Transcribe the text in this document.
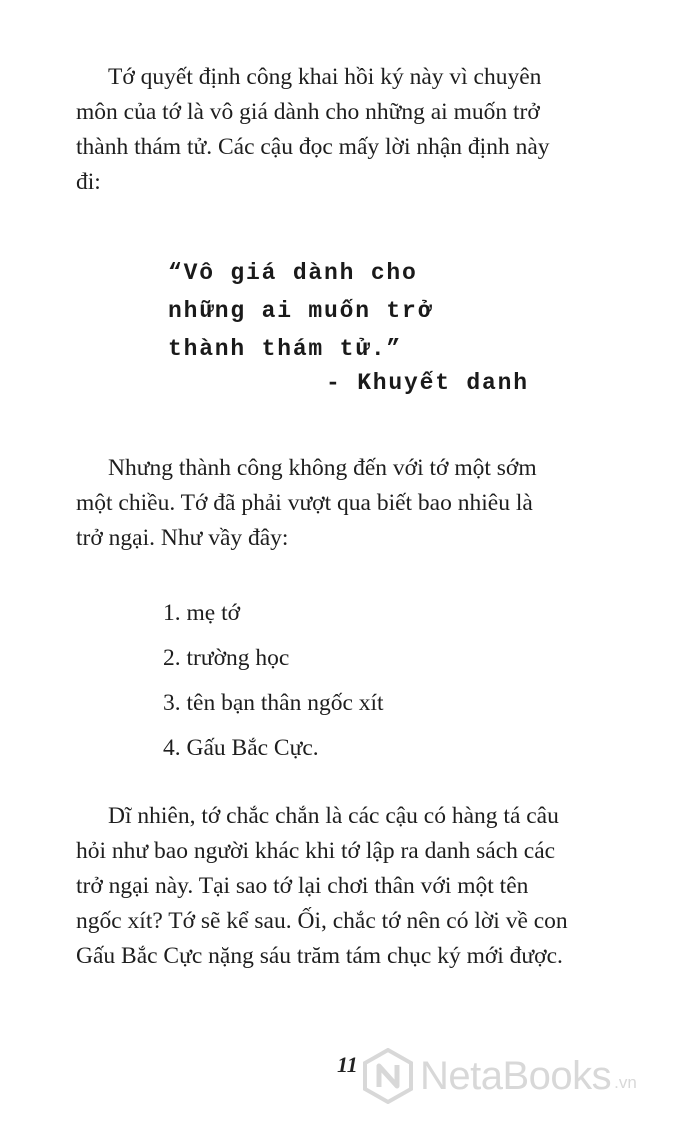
Tớ quyết định công khai hồi ký này vì chuyên
môn của tớ là vô giá dành cho những ai muốn trở
thành thám tử. Các cậu đọc mấy lời nhận định này
đi:

“Vô giá dành cho
những ai muốn trở
thành thám tử.”
- Khuyết danh

Nhưng thành công không đến với tớ một sớm
một chiều. Tớ đã phải vượt qua biết bao nhiêu là
trở ngại. Như vầy đây:

1. mẹ tớ
2. trường học
3. tên bạn thân ngốc xít
4. Gấu Bắc Cực.

Dĩ nhiên, tớ chắc chắn là các cậu có hàng tá câu
hỏi như bao người khác khi tớ lập ra danh sách các
trở ngại này. Tại sao tớ lại chơi thân với một tên
ngốc xít? Tớ sẽ kể sau. Ối, chắc tớ nên có lời về con
Gấu Bắc Cực nặng sáu trăm tám chục ký mới được.

11 NetaBooks .vn
